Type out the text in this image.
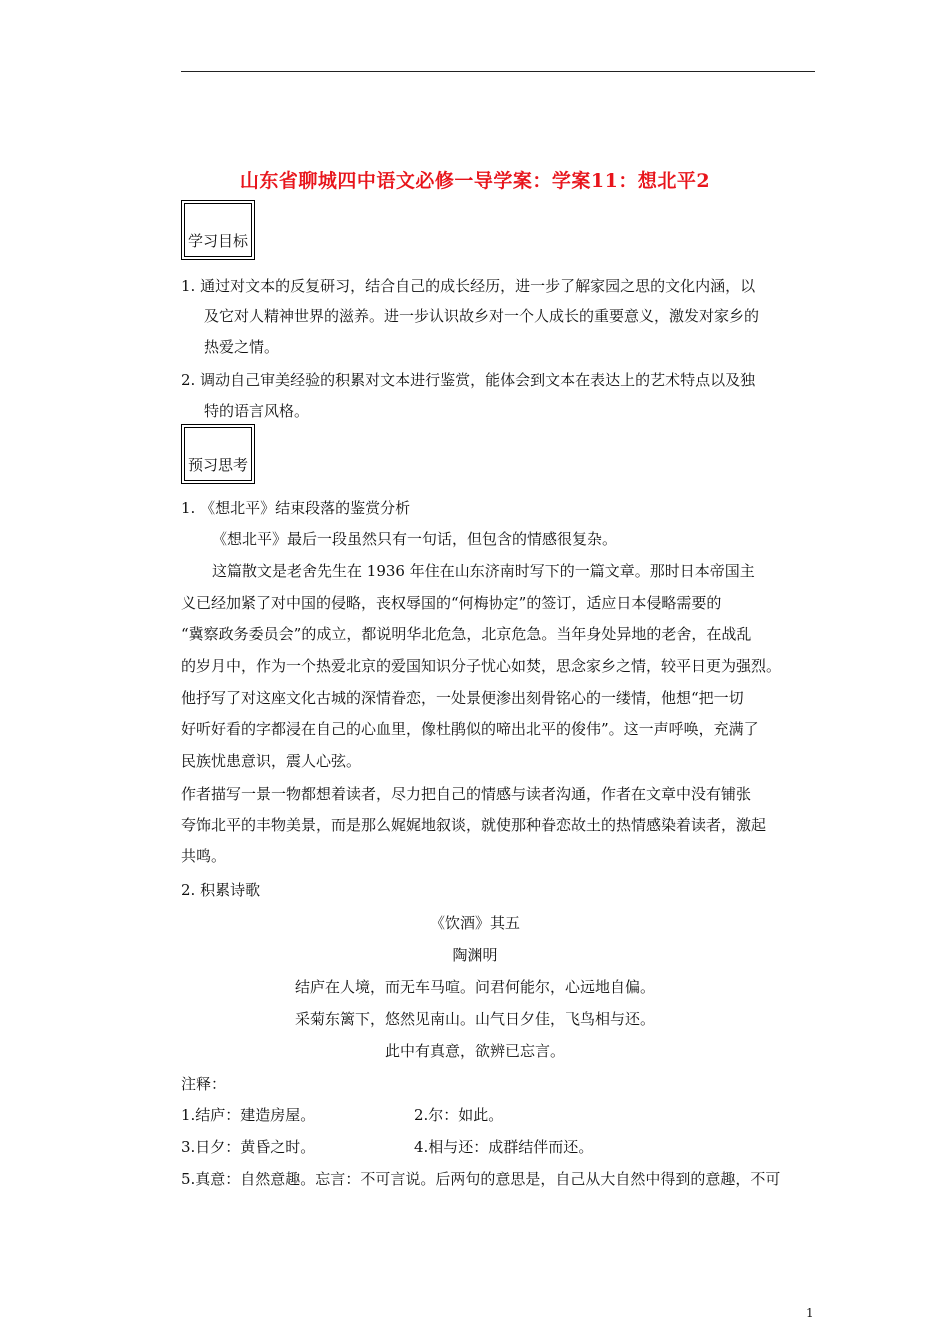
山东省聊城四中语文必修一导学案：学案11：想北平2
学习目标
1. 通过对文本的反复研习，结合自己的成长经历，进一步了解家园之思的文化内涵，以
及它对人精神世界的滋养。进一步认识故乡对一个人成长的重要意义，激发对家乡的
热爱之情。
2. 调动自己审美经验的积累对文本进行鉴赏，能体会到文本在表达上的艺术特点以及独
特的语言风格。
预习思考
1. 《想北平》结束段落的鉴赏分析
《想北平》最后一段虽然只有一句话，但包含的情感很复杂。
这篇散文是老舍先生在 1936 年住在山东济南时写下的一篇文章。那时日本帝国主
义已经加紧了对中国的侵略，丧权辱国的“何梅协定”的签订，适应日本侵略需要的
“冀察政务委员会”的成立，都说明华北危急，北京危急。当年身处异地的老舍，在战乱
的岁月中，作为一个热爱北京的爱国知识分子忧心如焚，思念家乡之情，较平日更为强烈。
他抒写了对这座文化古城的深情眷恋，一处景便渗出刻骨铭心的一缕情，他想“把一切
好听好看的字都浸在自己的心血里，像杜鹃似的啼出北平的俊伟”。这一声呼唤，充满了
民族忧患意识，震人心弦。
作者描写一景一物都想着读者，尽力把自己的情感与读者沟通，作者在文章中没有铺张
夸饰北平的丰物美景，而是那么娓娓地叙谈，就使那种眷恋故土的热情感染着读者，激起
共鸣。
2. 积累诗歌
《饮酒》其五
陶渊明
结庐在人境，而无车马喧。问君何能尔，心远地自偏。
采菊东篱下，悠然见南山。山气日夕佳，飞鸟相与还。
此中有真意，欲辨已忘言。
注释：
1.结庐：建造房屋。	2.尔：如此。
3.日夕：黄昏之时。	4.相与还：成群结伴而还。
5.真意：自然意趣。忘言：不可言说。后两句的意思是，自己从大自然中得到的意趣，不可
1
